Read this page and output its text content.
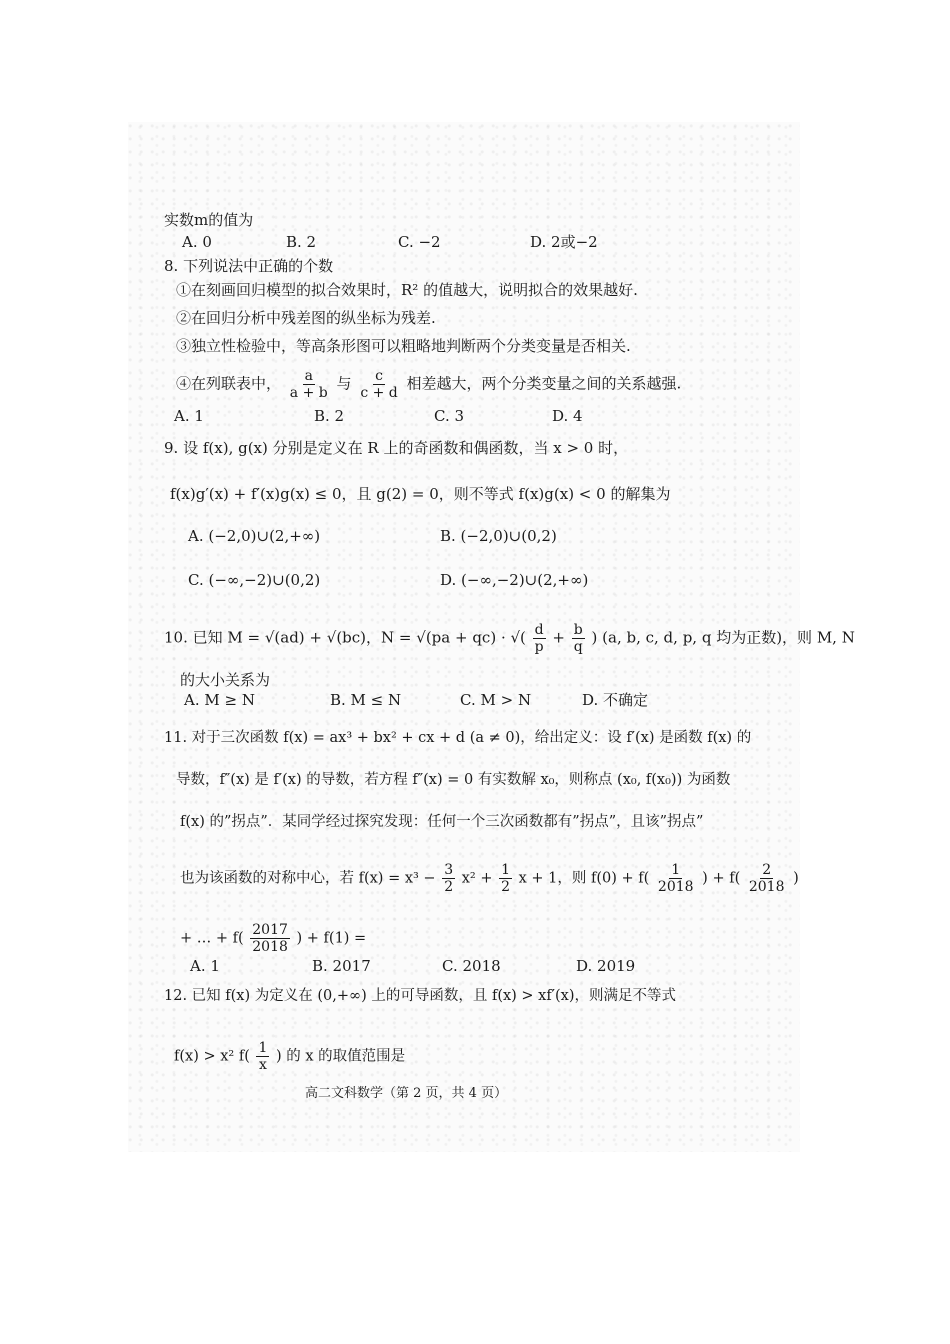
实数m的值为
A. 0	B. 2	C. −2	D. 2或−2
8. 下列说法中正确的个数
①在刻画回归模型的拟合效果时，R² 的值越大，说明拟合的效果越好.
②在回归分析中残差图的纵坐标为残差.
③独立性检验中，等高条形图可以粗略地判断两个分类变量是否相关.
④在列联表中， $\frac{a}{a + b}$ 与 $\frac{c}{c + d}$ 相差越大，两个分类变量之间的关系越强.
A. 1	B. 2	C. 3	D. 4
9. 设 f(x), g(x) 分别是定义在 R 上的奇函数和偶函数，当 x > 0 时，
f(x)g′(x) + f′(x)g(x) ≤ 0，且 g(2) = 0，则不等式 f(x)g(x) < 0 的解集为
A. (−2,0)∪(2,+∞)	B. (−2,0)∪(0,2)
C. (−∞,−2)∪(0,2)	D. (−∞,−2)∪(2,+∞)
10. 已知 M = √(ad) + √(bc)，N = √(pa + qc) · √( $\frac{d}{p} + \frac{b}{q}$ ) (a, b, c, d, p, q 均为正数)，则 M, N
的大小关系为
A. M ≥ N	B. M ≤ N	C. M > N	D. 不确定
11. 对于三次函数 f(x) = ax³ + bx² + cx + d (a ≠ 0)，给出定义：设 f′(x) 是函数 f(x) 的
导数，f″(x) 是 f′(x) 的导数，若方程 f″(x) = 0 有实数解 x₀，则称点 (x₀, f(x₀)) 为函数
f(x) 的”拐点”．某同学经过探究发现：任何一个三次函数都有”拐点”，且该”拐点”
也为该函数的对称中心，若 $f(x) = x^3 - \frac{3}{2} x^2 + \frac{1}{2}$ x + 1，则 $f(0) + f( \frac{1}{2018}$ ) + $f( \frac{2}{2018}$ )
+ … + $f( \frac{2017}{2018}$ ) + f(1) =
A. 1	B. 2017	C. 2018	D. 2019
12. 已知 f(x) 为定义在 (0,+∞) 上的可导函数，且 f(x) > xf′(x)，则满足不等式
f(x) > x² $f( \frac{1}{x}$ ) 的 x 的取值范围是
高二文科数学（第 2 页，共 4 页）
